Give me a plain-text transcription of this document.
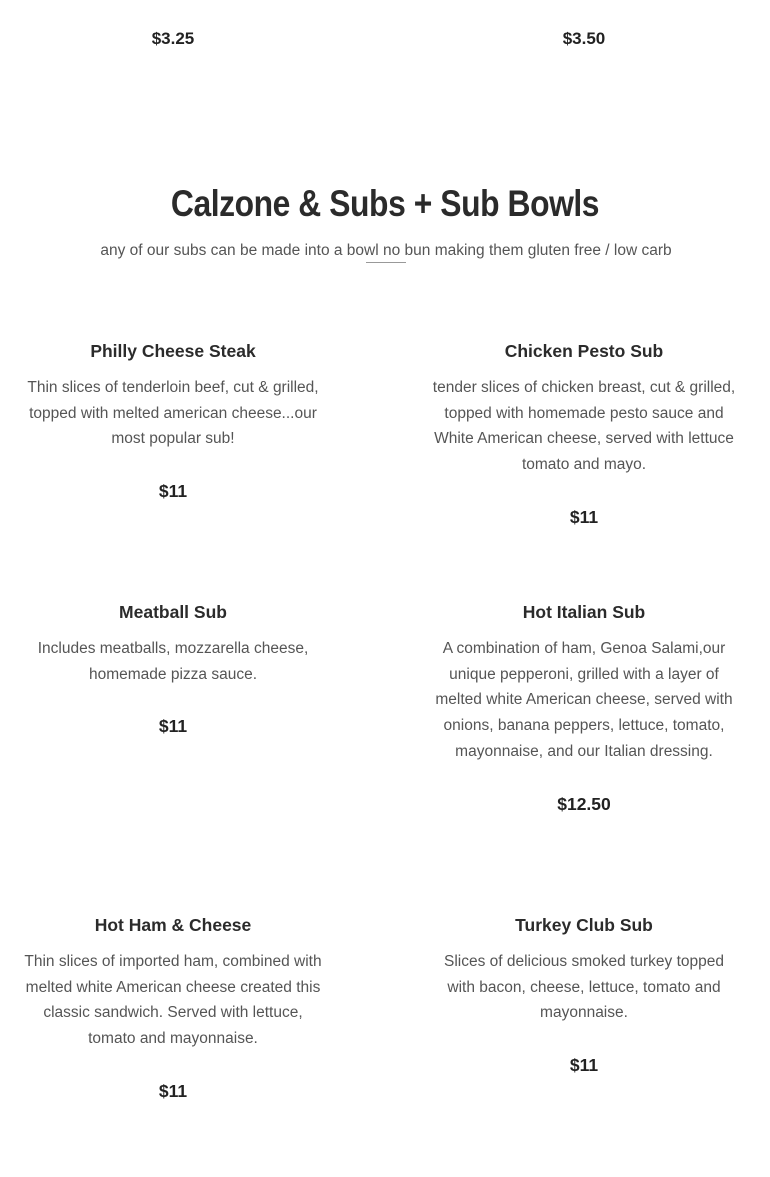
$3.25	$3.50
Calzone & Subs + Sub Bowls

any of our subs can be made into a bowl no bun making them gluten free / low carb

Philly Cheese Steak

Thin slices of tenderloin beef, cut & grilled, topped with melted american cheese...our most popular sub!

$11
Chicken Pesto Sub

tender slices of chicken breast, cut & grilled, topped with homemade pesto sauce and White American cheese, served with lettuce tomato and mayo.

$11
Meatball Sub

Includes meatballs, mozzarella cheese, homemade pizza sauce.

$11
Hot Italian Sub

A combination of ham, Genoa Salami,our unique pepperoni, grilled with a layer of melted white American cheese, served with onions, banana peppers, lettuce, tomato, mayonnaise, and our Italian dressing.

$12.50
Hot Ham & Cheese

Thin slices of imported ham, combined with melted white American cheese created this classic sandwich. Served with lettuce, tomato and mayonnaise.

$11
Turkey Club Sub

Slices of delicious smoked turkey topped with bacon, cheese, lettuce, tomato and mayonnaise.

$11
